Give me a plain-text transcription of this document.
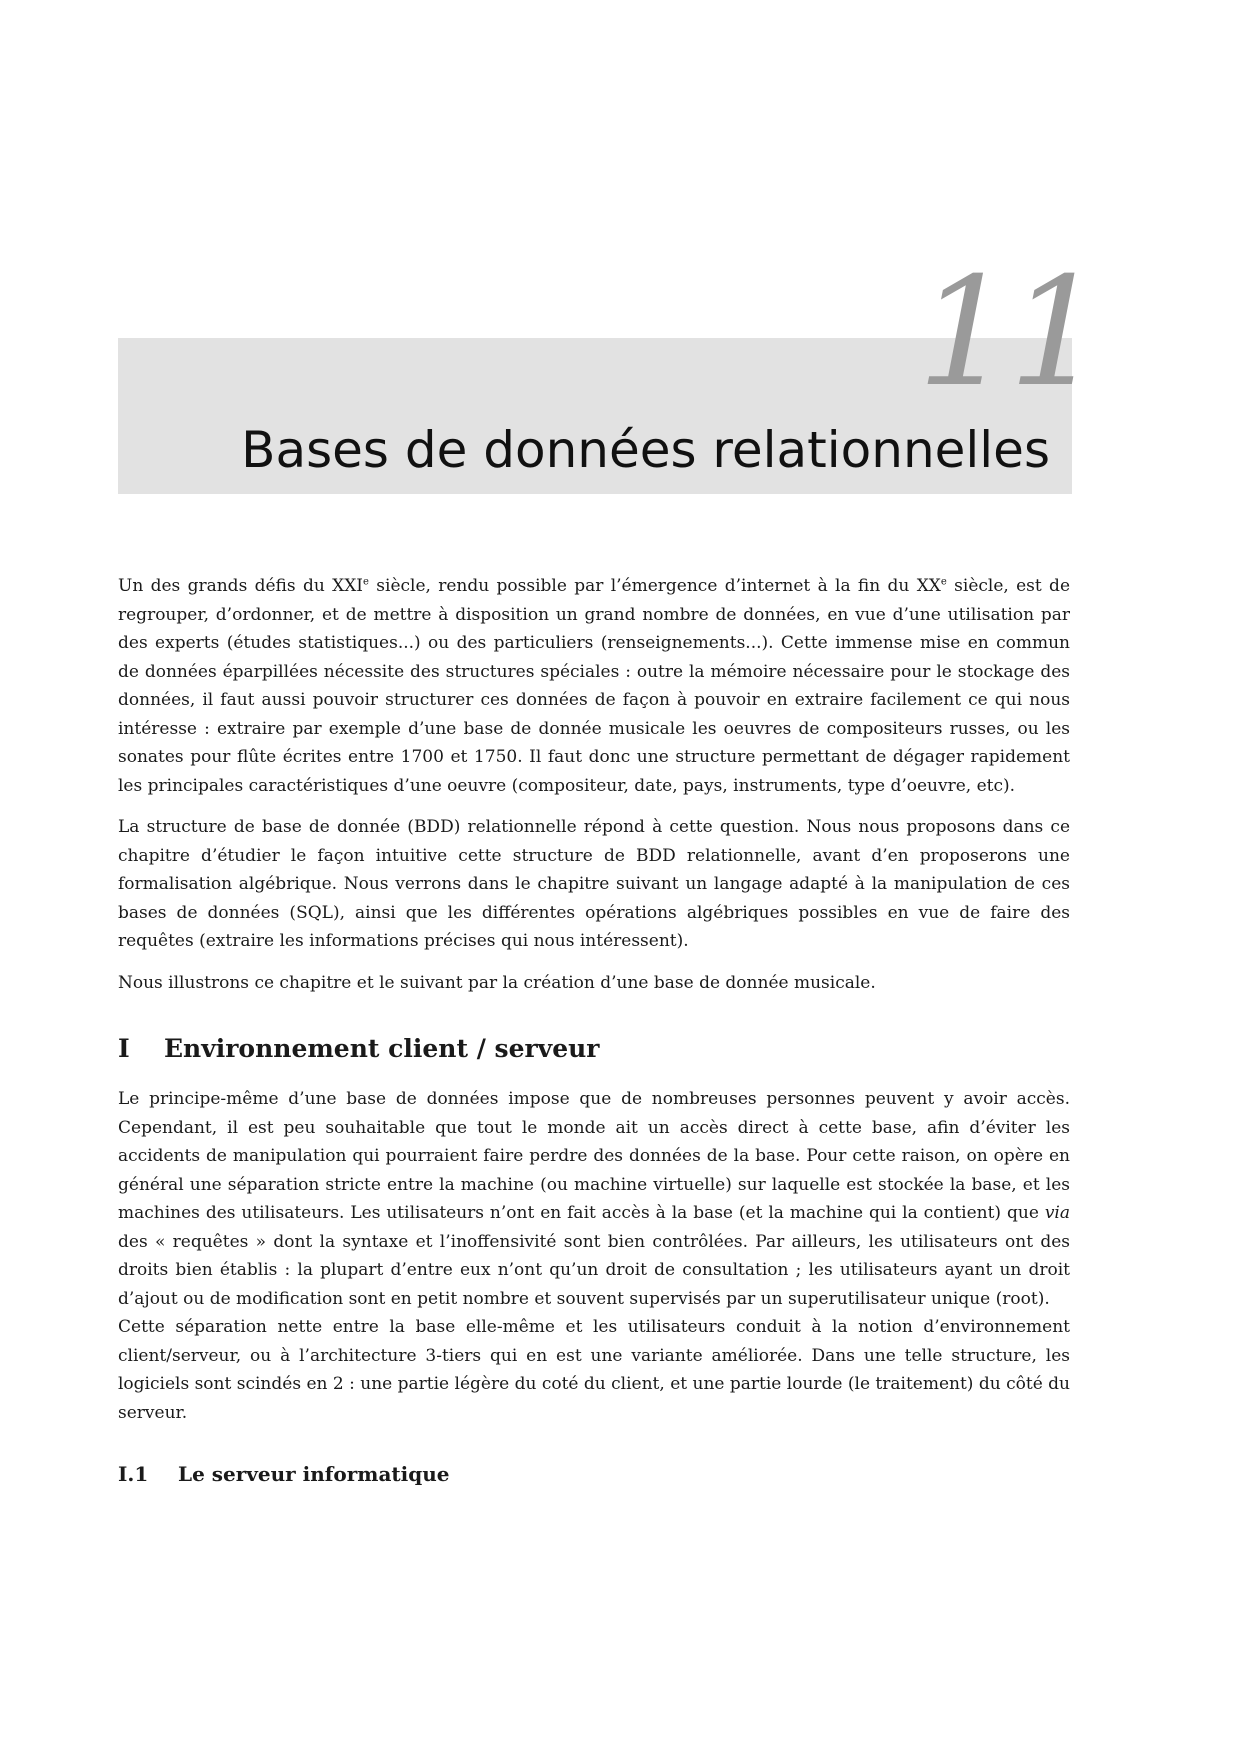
11
Bases de données relationnelles

Un des grands défis du XXIe siècle, rendu possible par l’émergence d’internet à la fin du XXe siècle, est de regrouper, d’ordonner, et de mettre à disposition un grand nombre de données, en vue d’une utilisation par des experts (études statistiques...) ou des particuliers (renseignements...). Cette immense mise en commun de données éparpillées nécessite des structures spéciales : outre la mémoire nécessaire pour le stockage des données, il faut aussi pouvoir structurer ces données de façon à pouvoir en extraire facilement ce qui nous intéresse : extraire par exemple d’une base de donnée musicale les oeuvres de compositeurs russes, ou les sonates pour flûte écrites entre 1700 et 1750. Il faut donc une structure permettant de dégager rapidement les principales caractéristiques d’une oeuvre (compositeur, date, pays, instruments, type d’oeuvre, etc).

La structure de base de donnée (BDD) relationnelle répond à cette question. Nous nous proposons dans ce chapitre d’étudier le façon intuitive cette structure de BDD relationnelle, avant d’en proposerons une formalisation algébrique. Nous verrons dans le chapitre suivant un langage adapté à la manipulation de ces bases de données (SQL), ainsi que les différentes opérations algébriques possibles en vue de faire des requêtes (extraire les informations précises qui nous intéressent).

Nous illustrons ce chapitre et le suivant par la création d’une base de donnée musicale.

I Environnement client / serveur

Le principe-même d’une base de données impose que de nombreuses personnes peuvent y avoir accès. Cependant, il est peu souhaitable que tout le monde ait un accès direct à cette base, afin d’éviter les accidents de manipulation qui pourraient faire perdre des données de la base. Pour cette raison, on opère en général une séparation stricte entre la machine (ou machine virtuelle) sur laquelle est stockée la base, et les machines des utilisateurs. Les utilisateurs n’ont en fait accès à la base (et la machine qui la contient) que via des « requêtes » dont la syntaxe et l’inoffensivité sont bien contrôlées. Par ailleurs, les utilisateurs ont des droits bien établis : la plupart d’entre eux n’ont qu’un droit de consultation ; les utilisateurs ayant un droit d’ajout ou de modification sont en petit nombre et souvent supervisés par un superutilisateur unique (root).

Cette séparation nette entre la base elle-même et les utilisateurs conduit à la notion d’environnement client/serveur, ou à l’architecture 3-tiers qui en est une variante améliorée. Dans une telle structure, les logiciels sont scindés en 2 : une partie légère du coté du client, et une partie lourde (le traitement) du côté du serveur.

I.1 Le serveur informatique
